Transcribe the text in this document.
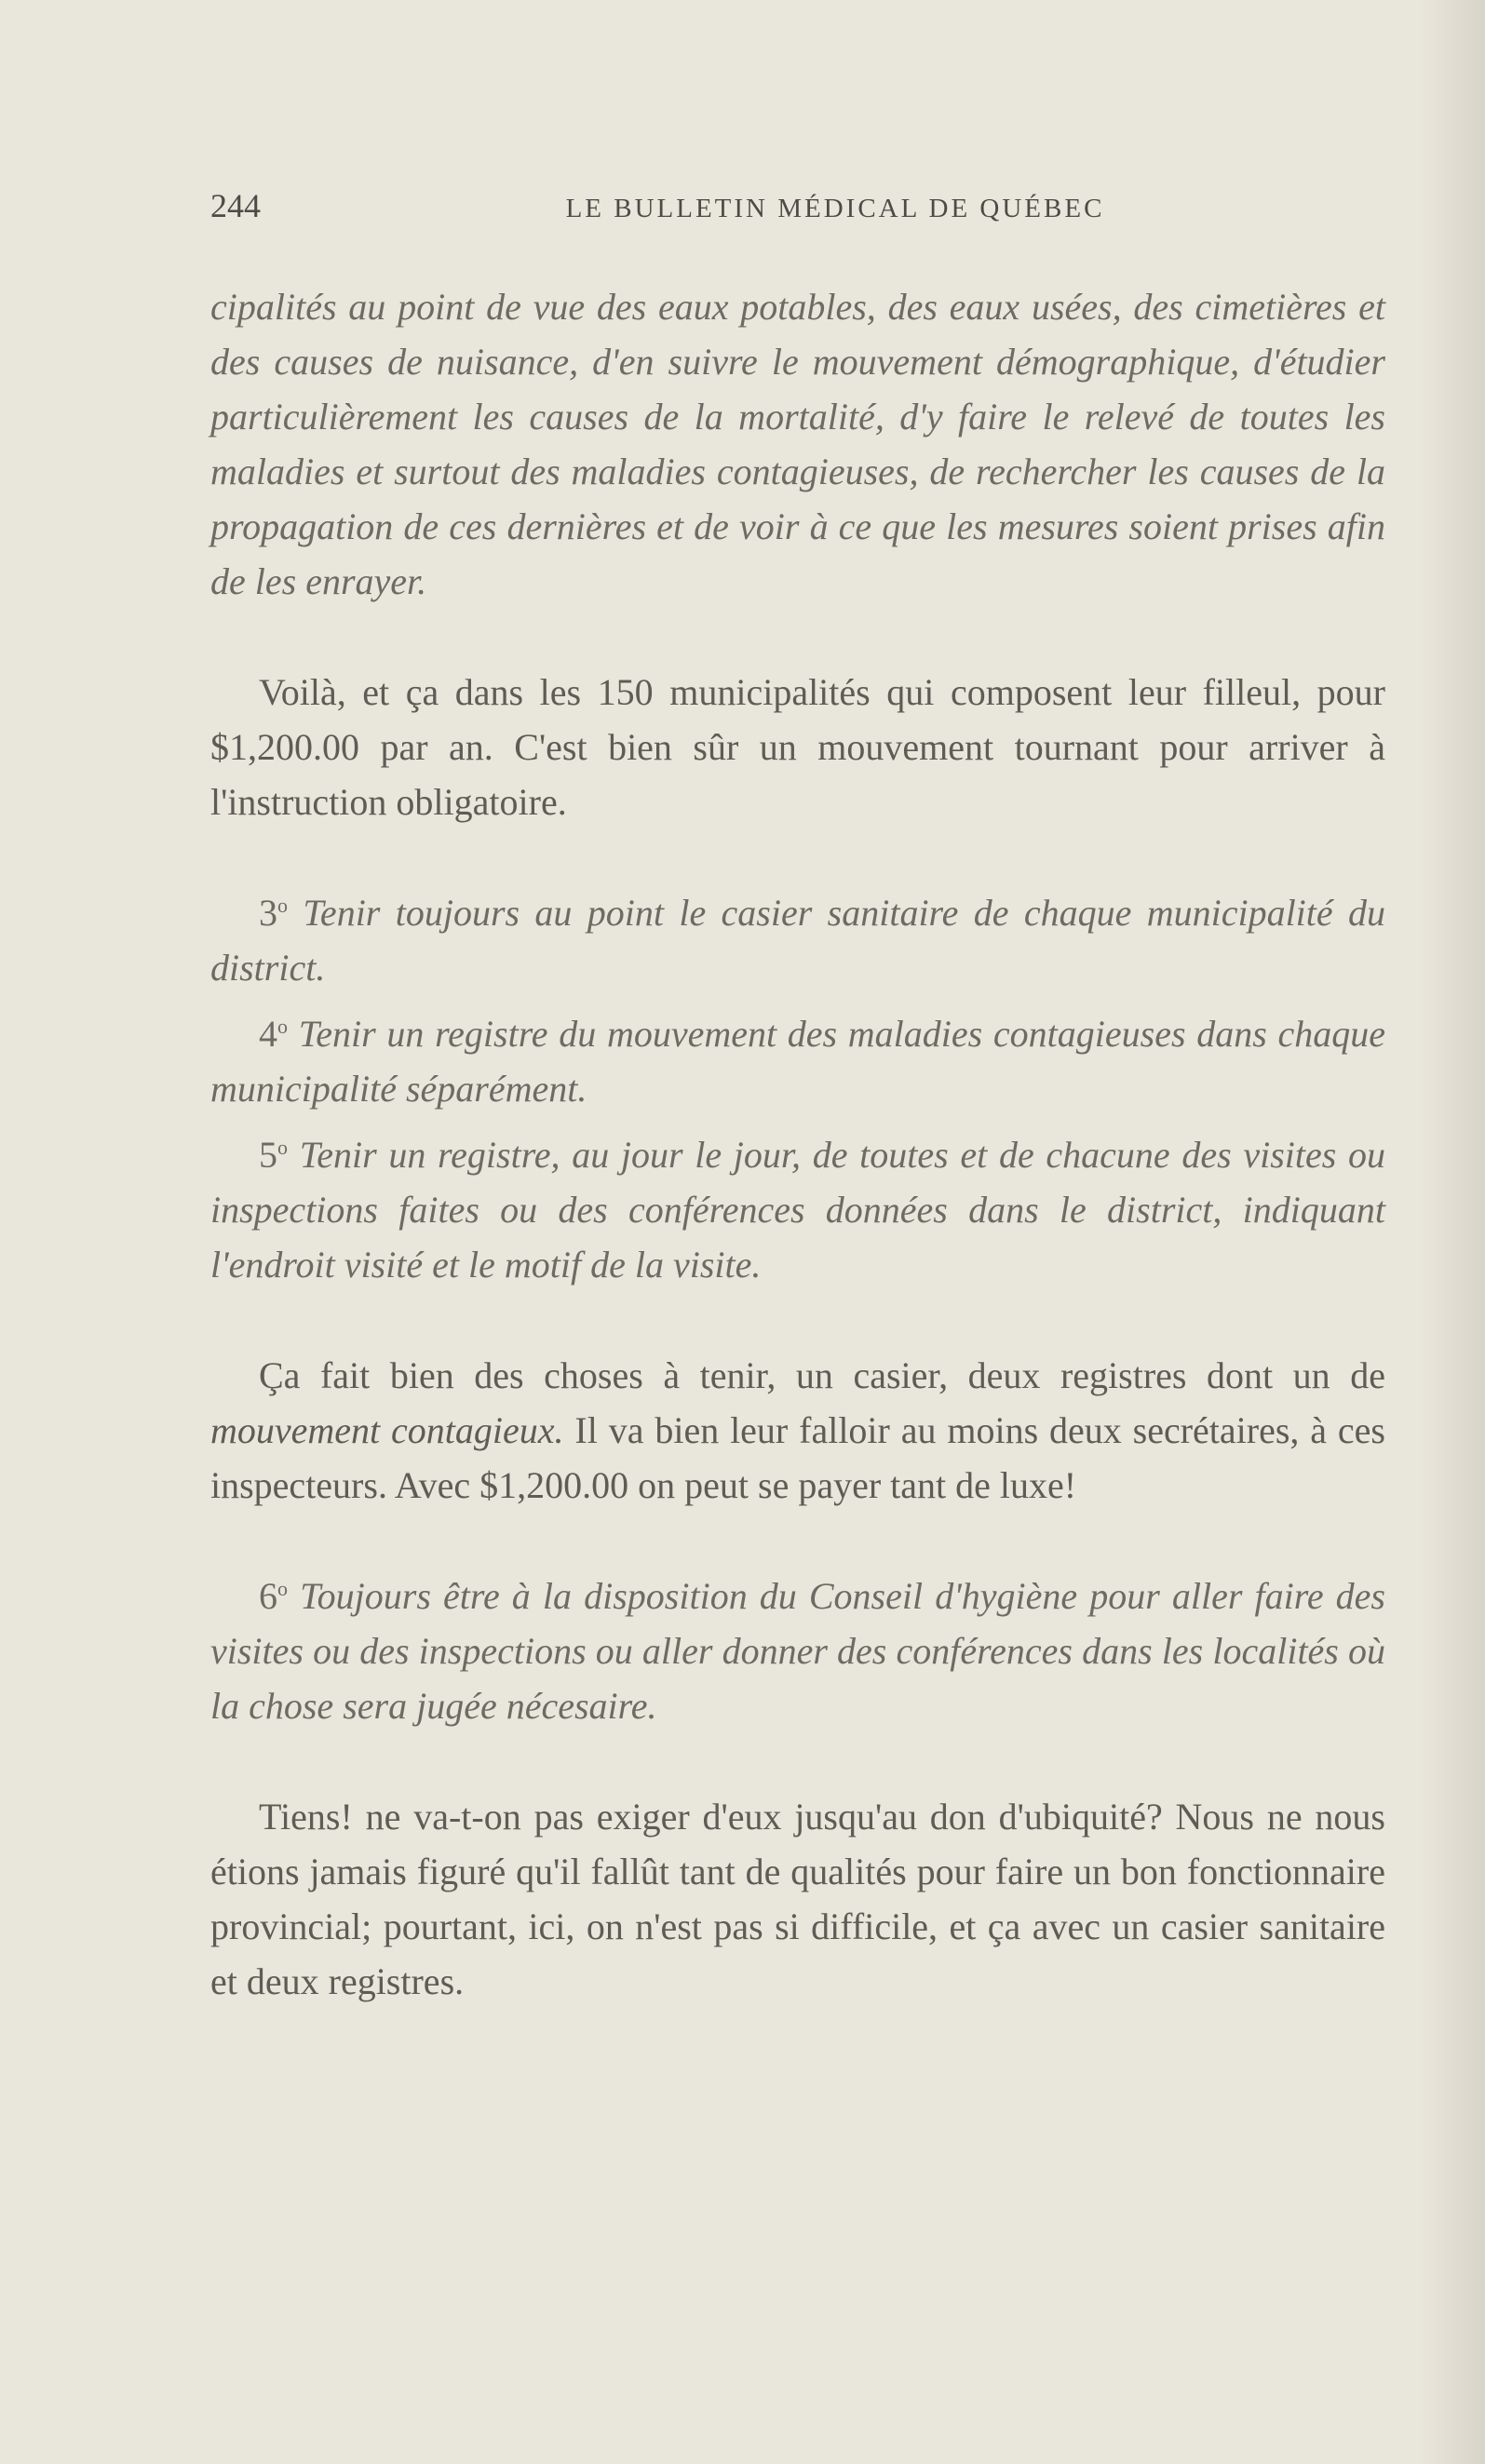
244	LE BULLETIN MÉDICAL DE QUÉBEC

cipalités au point de vue des eaux potables, des eaux usées, des cimetières et des causes de nuisance, d'en suivre le mouvement démographique, d'étudier particulièrement les causes de la mortalité, d'y faire le relevé de toutes les maladies et surtout des maladies contagieuses, de rechercher les causes de la propagation de ces dernières et de voir à ce que les mesures soient prises afin de les enrayer.

Voilà, et ça dans les 150 municipalités qui composent leur filleul, pour $1,200.00 par an. C'est bien sûr un mouvement tournant pour arriver à l'instruction obligatoire.

3$^o$ Tenir toujours au point le casier sanitaire de chaque municipalité du district.

4$^o$ Tenir un registre du mouvement des maladies contagieuses dans chaque municipalité séparément.

5$^o$ Tenir un registre, au jour le jour, de toutes et de chacune des visites ou inspections faites ou des conférences données dans le district, indiquant l'endroit visité et le motif de la visite.

Ça fait bien des choses à tenir, un casier, deux registres dont un de mouvement contagieux. Il va bien leur falloir au moins deux secrétaires, à ces inspecteurs. Avec $1,200.00 on peut se payer tant de luxe!

6$^o$ Toujours être à la disposition du Conseil d'hygiène pour aller faire des visites ou des inspections ou aller donner des conférences dans les localités où la chose sera jugée nécesaire.

Tiens! ne va-t-on pas exiger d'eux jusqu'au don d'ubiquité? Nous ne nous étions jamais figuré qu'il fallût tant de qualités pour faire un bon fonctionnaire provincial; pourtant, ici, on n'est pas si difficile, et ça avec un casier sanitaire et deux registres.
